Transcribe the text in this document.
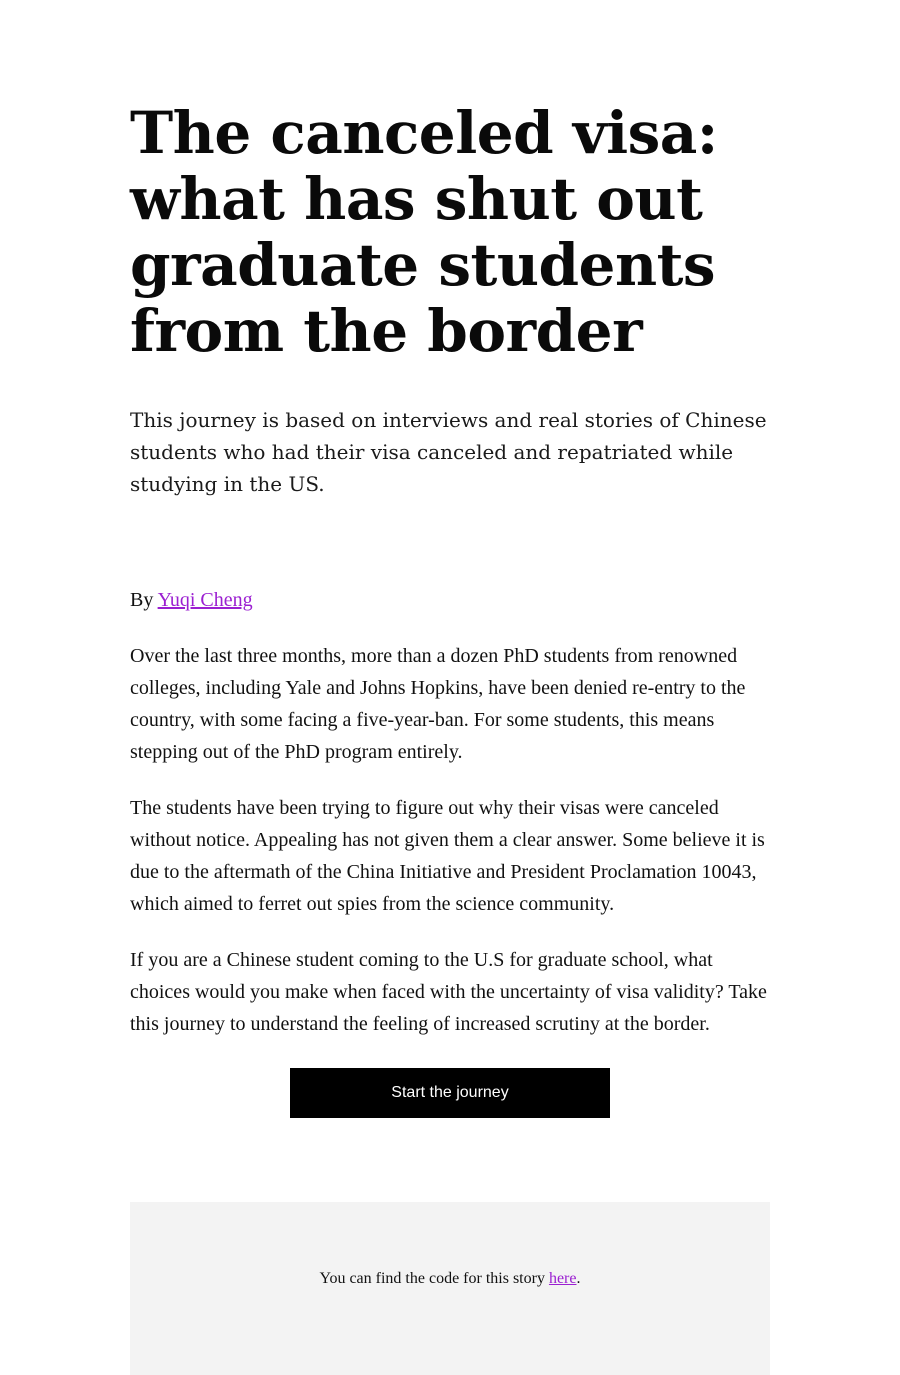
The canceled visa: what has shut out graduate students from the border

This journey is based on interviews and real stories of Chinese students who had their visa canceled and repatriated while studying in the US.

By Yuqi Cheng

Over the last three months, more than a dozen PhD students from renowned colleges, including Yale and Johns Hopkins, have been denied re-entry to the country, with some facing a five-year-ban. For some students, this means stepping out of the PhD program entirely.

The students have been trying to figure out why their visas were canceled without notice. Appealing has not given them a clear answer. Some believe it is due to the aftermath of the China Initiative and President Proclamation 10043, which aimed to ferret out spies from the science community.

If you are a Chinese student coming to the U.S for graduate school, what choices would you make when faced with the uncertainty of visa validity? Take this journey to understand the feeling of increased scrutiny at the border.

Start the journey

You can find the code for this story here.
